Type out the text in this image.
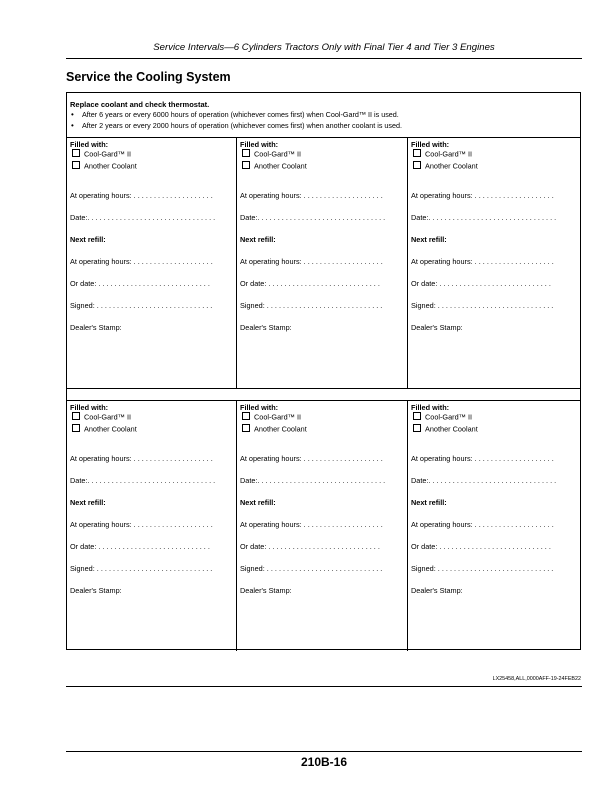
Service Intervals—6 Cylinders Tractors Only with Final Tier 4 and Tier 3 Engines
Service the Cooling System
Replace coolant and check thermostat.
• After 6 years or every 6000 hours of operation (whichever comes first) when Cool-Gard™ II is used.
• After 2 years or every 2000 hours of operation (whichever comes first) when another coolant is used.
Filled with:
Cool-Gard™ II
Another Coolant
At operating hours: . . . . . . . . . . . . . . . . . . . .
Date:. . . . . . . . . . . . . . . . . . . . . . . . . . . . . . . .
Next refill:
At operating hours: . . . . . . . . . . . . . . . . . . . .
Or date: . . . . . . . . . . . . . . . . . . . . . . . . . . . .
Signed: . . . . . . . . . . . . . . . . . . . . . . . . . . . . .
Dealer's Stamp:
Filled with:
Cool-Gard™ II
Another Coolant
At operating hours: . . . . . . . . . . . . . . . . . . . .
Date:. . . . . . . . . . . . . . . . . . . . . . . . . . . . . . . .
Next refill:
At operating hours: . . . . . . . . . . . . . . . . . . . .
Or date: . . . . . . . . . . . . . . . . . . . . . . . . . . . .
Signed: . . . . . . . . . . . . . . . . . . . . . . . . . . . . .
Dealer's Stamp:
Filled with:
Cool-Gard™ II
Another Coolant
At operating hours: . . . . . . . . . . . . . . . . . . . .
Date:. . . . . . . . . . . . . . . . . . . . . . . . . . . . . . . .
Next refill:
At operating hours: . . . . . . . . . . . . . . . . . . . .
Or date: . . . . . . . . . . . . . . . . . . . . . . . . . . . .
Signed: . . . . . . . . . . . . . . . . . . . . . . . . . . . . .
Dealer's Stamp:
Filled with:
Cool-Gard™ II
Another Coolant
At operating hours: . . . . . . . . . . . . . . . . . . . .
Date:. . . . . . . . . . . . . . . . . . . . . . . . . . . . . . . .
Next refill:
At operating hours: . . . . . . . . . . . . . . . . . . . .
Or date: . . . . . . . . . . . . . . . . . . . . . . . . . . . .
Signed: . . . . . . . . . . . . . . . . . . . . . . . . . . . . .
Dealer's Stamp:
Filled with:
Cool-Gard™ II
Another Coolant
At operating hours: . . . . . . . . . . . . . . . . . . . .
Date:. . . . . . . . . . . . . . . . . . . . . . . . . . . . . . . .
Next refill:
At operating hours: . . . . . . . . . . . . . . . . . . . .
Or date: . . . . . . . . . . . . . . . . . . . . . . . . . . . .
Signed: . . . . . . . . . . . . . . . . . . . . . . . . . . . . .
Dealer's Stamp:
Filled with:
Cool-Gard™ II
Another Coolant
At operating hours: . . . . . . . . . . . . . . . . . . . .
Date:. . . . . . . . . . . . . . . . . . . . . . . . . . . . . . . .
Next refill:
At operating hours: . . . . . . . . . . . . . . . . . . . .
Or date: . . . . . . . . . . . . . . . . . . . . . . . . . . . .
Signed: . . . . . . . . . . . . . . . . . . . . . . . . . . . . .
Dealer's Stamp:
LX25458,ALL,0000AFF-19-24FEB22
210B-16
